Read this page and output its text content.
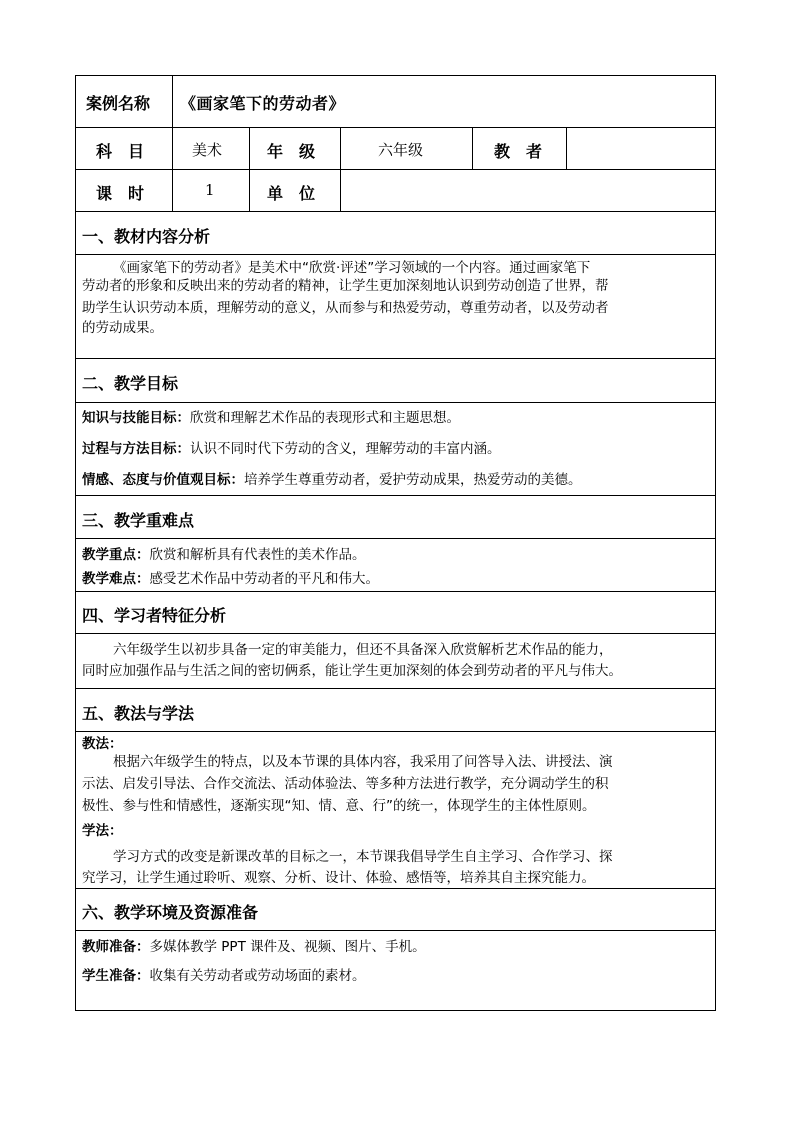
案例名称 《画家笔下的劳动者》
科　目	美术	年　级	六年级	教　者
课　时	1	单　位
一、教材内容分析
《画家笔下的劳动者》是美术中“欣赏·评述”学习领域的一个内容。通过画家笔下
劳动者的形象和反映出来的劳动者的精神，让学生更加深刻地认识到劳动创造了世界，帮
助学生认识劳动本质，理解劳动的意义，从而参与和热爱劳动，尊重劳动者，以及劳动者
的劳动成果。
二、教学目标
知识与技能目标：欣赏和理解艺术作品的表现形式和主题思想。
过程与方法目标：认识不同时代下劳动的含义，理解劳动的丰富内涵。
情感、态度与价值观目标：培养学生尊重劳动者，爱护劳动成果，热爱劳动的美德。
三、教学重难点
教学重点：欣赏和解析具有代表性的美术作品。
教学难点：感受艺术作品中劳动者的平凡和伟大。
四、学习者特征分析
六年级学生以初步具备一定的审美能力，但还不具备深入欣赏解析艺术作品的能力，
同时应加强作品与生活之间的密切俩系，能让学生更加深刻的体会到劳动者的平凡与伟大。
五、教法与学法
教法：
根据六年级学生的特点，以及本节课的具体内容，我采用了问答导入法、讲授法、演
示法、启发引导法、合作交流法、活动体验法、等多种方法进行教学，充分调动学生的积
极性、参与性和情感性，逐渐实现“知、情、意、行”的统一，体现学生的主体性原则。
学法：
学习方式的改变是新课改革的目标之一，本节课我倡导学生自主学习、合作学习、探
究学习，让学生通过聆听、观察、分析、设计、体验、感悟等，培养其自主探究能力。
六、教学环境及资源准备
教师准备：多媒体教学 PPT 课件及、视频、图片、手机。
学生准备：收集有关劳动者或劳动场面的素材。
